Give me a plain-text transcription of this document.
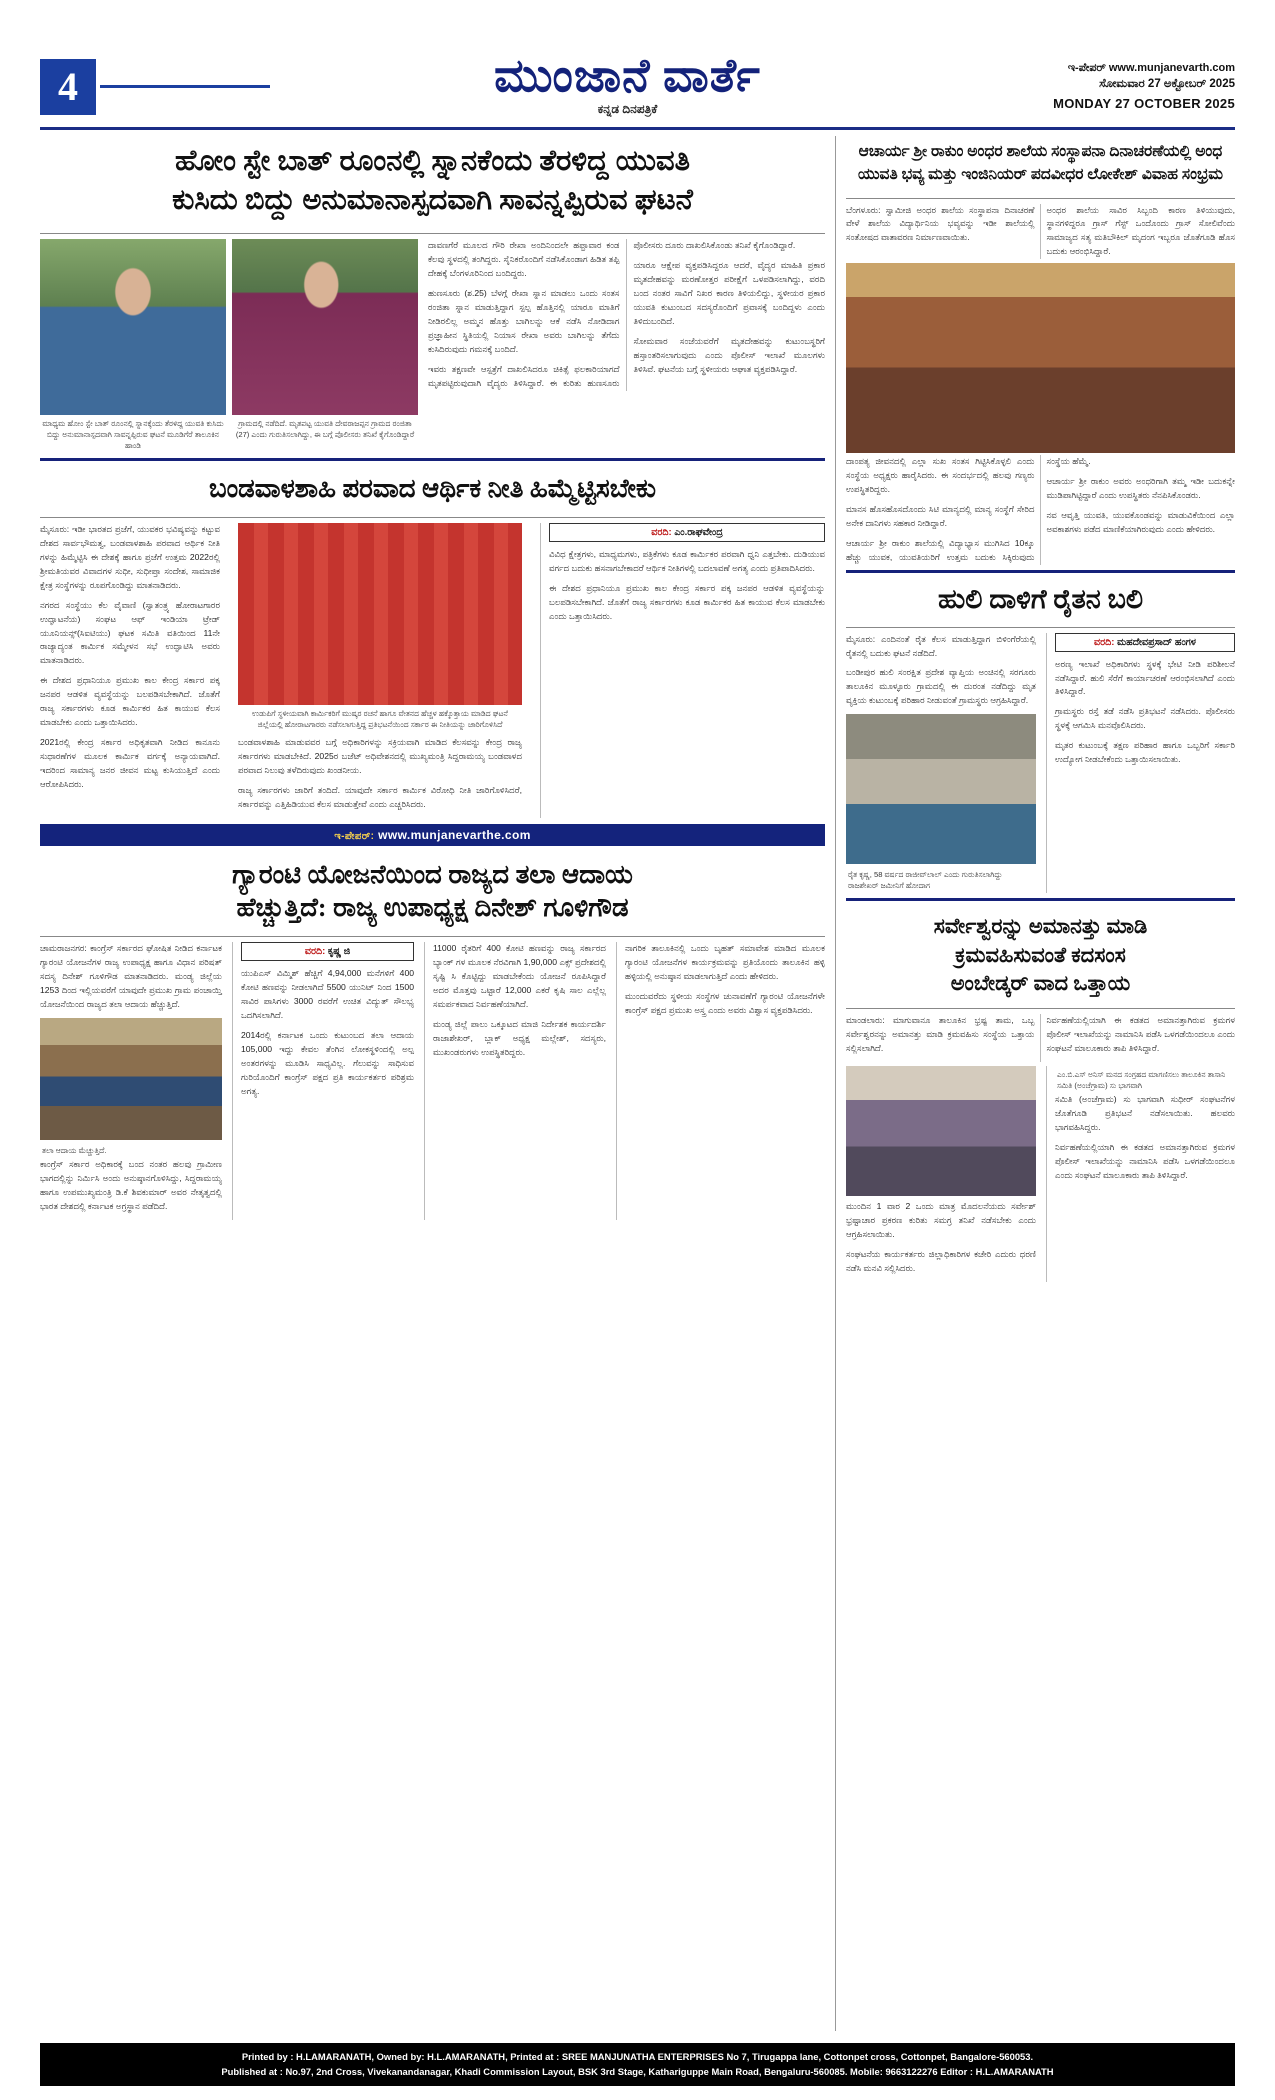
4	ಮುಂಜಾನೆ ವಾರ್ತೆ
ಕನ್ನಡ ದಿನಪತ್ರಿಕೆ
ಇ-ಪೇಪರ್ www.munjanevarth.com
ಸೋಮವಾರ 27 ಅಕ್ಟೋಬರ್ 2025
MONDAY 27 OCTOBER 2025
ಹೋಂ ಸ್ಟೇ ಬಾತ್ ರೂಂನಲ್ಲಿ ಸ್ನಾನಕೆಂದು ತೆರಳಿದ್ದ ಯುವತಿ
ಕುಸಿದು ಬಿದ್ದು ಅನುಮಾನಾಸ್ಪದವಾಗಿ ಸಾವನ್ನಪ್ಪಿರುವ ಘಟನೆ
ಮಾಧ್ಯಮ ಹೋಂ ಸ್ಟೇ ಬಾತ್ ರೂಂನಲ್ಲಿ ಸ್ನಾನಕ್ಕೆಂದು ತೆರಳಿದ್ದ ಯುವತಿ ಕುಸಿದು ಬಿದ್ದು ಅನುಮಾನಾಸ್ಪದವಾಗಿ ಸಾವನ್ನಪ್ಪಿರುವ ಘಟನೆ ಮೂಡಿಗೆರೆ ತಾಲೂಕಿನ ಹಾಂಡಿ
ಗ್ರಾಮದಲ್ಲಿ ನಡೆದಿದೆ. ಮೃತಪಟ್ಟ ಯುವತಿ ದೇವರಾಜಪ್ಪನ ಗ್ರಾಮದ ರಂಜಿತಾ (27) ಎಂದು ಗುರುತಿಸಲಾಗಿದ್ದು, ಈ ಬಗ್ಗೆ ಪೊಲೀಸರು ತನಿಖೆ ಕೈಗೊಂಡಿದ್ದಾರೆ

ದಾವಣಗೆರೆ ಮೂಲದ ಗೌರಿ ರೇಖಾ ಅಂದಿನಿಂದಲೇ ಹಫ್ತಾವಾರ ಕಂಡ ಕೆಲವು ಸ್ಥಳದಲ್ಲಿ ತಂಗಿದ್ದರು. ಸೈನಿಕರೊಂದಿಗೆ ನಡೆಸಿಕೊಂಡಾಗ ಹಿಡಿತ ತಪ್ಪಿ ದೇಹಕ್ಕೆ ಬೆಂಗಳೂರಿನಿಂದ ಬಂದಿದ್ದರು.

ಹುಣಸೂರು (ಶ.25) ಬೆಳಗ್ಗೆ ರೇಖಾ ಸ್ನಾನ ಮಾಡಲು ಒಂದು ಸಂತಸ ರಂಜಿತಾ ಸ್ನಾನ ಮಾಡುತ್ತಿದ್ದಾಗ ಸ್ಪಲ್ಪ ಹೊತ್ತಿನಲ್ಲಿ ಯಾರೂ ಮಾತಿಗೆ ನೀಡಿರಲಿಲ್ಲ ಅಮ್ಮನ ಹೊತ್ತು ಬಾಗಿಲನ್ನು ಆಕೆ ನಡೆಸಿ ನೋಡಿದಾಗ ಪ್ರಜ್ಞಾಹೀನ ಸ್ಥಿತಿಯಲ್ಲಿ ನಿಯಾಸ ರೇಖಾ ಅವರು ಬಾಗಿಲನ್ನು ತೆಗೆದು ಕುಸಿದಿರುವುದು ಗಮನಕ್ಕೆ ಬಂದಿದೆ.

ಇವರು ತಕ್ಷಣವೇ ಆಸ್ಪತ್ರೆಗೆ ದಾಖಲಿಸಿದರೂ ಚಿಕಿತ್ಸೆ ಫಲಕಾರಿಯಾಗದೆ ಮೃತಪಟ್ಟಿರುವುದಾಗಿ ವೈದ್ಯರು ತಿಳಿಸಿದ್ದಾರೆ. ಈ ಕುರಿತು ಹುಣಸೂರು ಪೊಲೀಸರು ದೂರು ದಾಖಲಿಸಿಕೊಂಡು ತನಿಖೆ ಕೈಗೊಂಡಿದ್ದಾರೆ.

ಯಾರೂ ಆಕ್ಷೇಪ ವ್ಯಕ್ತಪಡಿಸಿದ್ದರೂ ಆದರೆ, ವೈದ್ಯರ ಮಾಹಿತಿ ಪ್ರಕಾರ ಮೃತದೇಹವನ್ನು ಮರಣೋತ್ತರ ಪರೀಕ್ಷೆಗೆ ಒಳಪಡಿಸಲಾಗಿದ್ದು, ವರದಿ ಬಂದ ನಂತರ ಸಾವಿಗೆ ನಿಖರ ಕಾರಣ ತಿಳಿಯಲಿದ್ದು, ಸ್ಥಳೀಯರ ಪ್ರಕಾರ ಯುವತಿ ಕುಟುಂಬದ ಸದಸ್ಯರೊಂದಿಗೆ ಪ್ರವಾಸಕ್ಕೆ ಬಂದಿದ್ದಳು ಎಂದು ತಿಳಿದುಬಂದಿದೆ.

ಸೋಮವಾರ ಸಂಜೆಯವರೆಗೆ ಮೃತದೇಹವನ್ನು ಕುಟುಂಬಸ್ಥರಿಗೆ ಹಸ್ತಾಂತರಿಸಲಾಗುವುದು ಎಂದು ಪೊಲೀಸ್ ಇಲಾಖೆ ಮೂಲಗಳು ತಿಳಿಸಿವೆ. ಘಟನೆಯ ಬಗ್ಗೆ ಸ್ಥಳೀಯರು ಆಘಾತ ವ್ಯಕ್ತಪಡಿಸಿದ್ದಾರೆ.

ಬಂಡವಾಳಶಾಹಿ ಪರವಾದ ಆರ್ಥಿಕ ನೀತಿ ಹಿಮ್ಮೆಟ್ಟಿಸಬೇಕು

ಮೈಸೂರು: ಇಡೀ ಭಾರತದ ಪ್ರಜೆಗೆ, ಯುವಕರ ಭವಿಷ್ಯವನ್ನು ಕಟ್ಟುವ ದೇಶದ ಸಾರ್ವಭೌಮತ್ವ, ಬಂಡವಾಳಶಾಹಿ ಪರವಾದ ಆರ್ಥಿಕ ನೀತಿ ಗಳನ್ನು ಹಿಮ್ಮೆಟ್ಟಿಸಿ ಈ ದೇಶಕ್ಕೆ ಹಾಗೂ ಪ್ರಜೆಗೆ ಉತ್ತಮ 2022ರಲ್ಲಿ ಶ್ರೀಮತಿಯವರ ವಿವಾದಗಳ ಸುಧೀ, ಸುಧೀಪ್ತಾ ಸಂದೇಶ, ಸಾಮಾಜಿಕ ಕ್ಷೇತ್ರ ಸಂಸ್ಥೆಗಳನ್ನು ರೂಪಗೊಂಡಿದ್ದು ಮಾತನಾಡಿದರು.

ನಗರದ ಸಂಸ್ಥೆಯು ಕೆಲ ವೈವಾಣಿ (ಸ್ವಾತಂತ್ರ್ಯ ಹೋರಾಟಗಾರರ ಉದ್ಘಾಟನೆಯ) ಸಂಘಟ ಆಫ್ ಇಂಡಿಯಾ ಟ್ರೇಡ್ ಯೂನಿಯನ್ಸ್(ಸಿಐಟಿಯು) ಘಟಕ ಸಮಿತಿ ವತಿಯಿಂದ 11ನೇ ರಾಜ್ಯಾದ್ಯಂತ ಕಾರ್ಮಿಕ ಸಮ್ಮೇಳನ ಸಭೆ ಉದ್ಘಾಟಿಸಿ ಅವರು ಮಾತನಾಡಿದರು.

ಈ ದೇಶದ ಪ್ರಧಾನಿಯೂ ಪ್ರಮುಖ ಕಾಲ ಕೇಂದ್ರ ಸರ್ಕಾರ ಪಕ್ಕ ಜನಪರ ಆಡಳಿತ ವ್ಯವಸ್ಥೆಯನ್ನು ಬಲಪಡಿಸಬೇಕಾಗಿದೆ. ಜೊತೆಗೆ ರಾಜ್ಯ ಸರ್ಕಾರಗಳು ಕೂಡ ಕಾರ್ಮಿಕರ ಹಿತ ಕಾಯುವ ಕೆಲಸ ಮಾಡಬೇಕು ಎಂದು ಒತ್ತಾಯಿಸಿದರು.

2021ರಲ್ಲಿ ಕೇಂದ್ರ ಸರ್ಕಾರ ಅಧಿಕೃತವಾಗಿ ನೀಡಿದ ಕಾನೂನು ಸುಧಾರಣೆಗಳ ಮೂಲಕ ಕಾರ್ಮಿಕ ವರ್ಗಕ್ಕೆ ಅನ್ಯಾಯವಾಗಿದೆ. ಇದರಿಂದ ಸಾಮಾನ್ಯ ಜನರ ಜೀವನ ಮಟ್ಟ ಕುಸಿಯುತ್ತಿದೆ ಎಂದು ಆರೋಪಿಸಿದರು.

ಉಡುಪಿಗೆ ಸ್ಥಳೀಯವಾಗಿ ಕಾರ್ಮಿಕರಿಗೆ ಮುಷ್ಕರ ರಚನೆ ಹಾಗೂ ವೇತನದ ಹೆಚ್ಚಳ ಹಕ್ಕೊತ್ತಾಯ ಮಾಡಿದ ಘಟನೆ ಜಿಲ್ಲೆಯಲ್ಲಿ ಹೋರಾಟಗಾರರು ನಡೆಸಲಾಗುತ್ತಿದ್ದ ಪ್ರತಿಭಟನೆಯಿಂದ ಸರ್ಕಾರ ಈ ನೀತಿಯನ್ನು ಜಾರಿಗೊಳಿಸಿದೆ

ಬಂಡವಾಳಶಾಹಿ ಮಾಡುವವರ ಬಗ್ಗೆ ಅಧಿಕಾರಿಗಳನ್ನು ಸಕ್ರಿಯವಾಗಿ ಮಾಡಿದ ಕೆಲಸವನ್ನು ಕೇಂದ್ರ ರಾಜ್ಯ ಸರ್ಕಾರಗಳು ಮಾಡಬೇಕಿದೆ. 2025ರ ಬಜೆಟ್ ಅಧಿವೇಶನದಲ್ಲಿ ಮುಖ್ಯಮಂತ್ರಿ ಸಿದ್ದರಾಮಯ್ಯ ಬಂಡವಾಳದ ಪರವಾದ ನಿಲುವು ತಳೆದಿರುವುದು ಖಂಡನೀಯ.

ರಾಜ್ಯ ಸರ್ಕಾರಗಳು ಜಾರಿಗೆ ತಂದಿದೆ. ಯಾವುದೇ ಸರ್ಕಾರ ಕಾರ್ಮಿಕ ವಿರೋಧಿ ನೀತಿ ಜಾರಿಗೊಳಿಸಿದರೆ, ಸರ್ಕಾರವನ್ನು ಎತ್ತಿಹಿಡಿಯುವ ಕೆಲಸ ಮಾಡುತ್ತೇವೆ ಎಂದು ಎಚ್ಚರಿಸಿದರು.

ವರದಿ: ಎಂ.ರಾಘವೇಂದ್ರ

ವಿವಿಧ ಕ್ಷೇತ್ರಗಳು, ಮಾಧ್ಯಮಗಳು, ಪತ್ರಿಕೆಗಳು ಕೂಡ ಕಾರ್ಮಿಕರ ಪರವಾಗಿ ಧ್ವನಿ ಎತ್ತಬೇಕು. ದುಡಿಯುವ ವರ್ಗದ ಬದುಕು ಹಸನಾಗಬೇಕಾದರೆ ಆರ್ಥಿಕ ನೀತಿಗಳಲ್ಲಿ ಬದಲಾವಣೆ ಅಗತ್ಯ ಎಂದು ಪ್ರತಿಪಾದಿಸಿದರು.

ಈ ದೇಶದ ಪ್ರಧಾನಿಯೂ ಪ್ರಮುಖ ಕಾಲ ಕೇಂದ್ರ ಸರ್ಕಾರ ಪಕ್ಕ ಜನಪರ ಆಡಳಿತ ವ್ಯವಸ್ಥೆಯನ್ನು ಬಲಪಡಿಸಬೇಕಾಗಿದೆ. ಜೊತೆಗೆ ರಾಜ್ಯ ಸರ್ಕಾರಗಳು ಕೂಡ ಕಾರ್ಮಿಕರ ಹಿತ ಕಾಯುವ ಕೆಲಸ ಮಾಡಬೇಕು ಎಂದು ಒತ್ತಾಯಿಸಿದರು.

ಇ-ಪೇಪರ್: www.munjanevarthe.com
ಗ್ಯಾರಂಟಿ ಯೋಜನೆಯಿಂದ ರಾಜ್ಯದ ತಲಾ ಆದಾಯ
ಹೆಚ್ಚುತ್ತಿದೆ: ರಾಜ್ಯ ಉಪಾಧ್ಯಕ್ಷ ದಿನೇಶ್ ಗೂಳಿಗೌಡ

ಚಾಮರಾಜನಗರ: ಕಾಂಗ್ರೆಸ್ ಸರ್ಕಾರದ ಘೋಷಿತ ನೀಡಿದ ಕರ್ನಾಟಕ ಗ್ಯಾರಂಟಿ ಯೋಜನೆಗಳ ರಾಜ್ಯ ಉಪಾಧ್ಯಕ್ಷ ಹಾಗೂ ವಿಧಾನ ಪರಿಷತ್ ಸದಸ್ಯ ದಿನೇಶ್ ಗೂಳಿಗೌಡ ಮಾತನಾಡಿದರು. ಮಂಡ್ಯ ಜಿಲ್ಲೆಯ 1253 ದಿಂದ ಇಲ್ಲಿಯವರೆಗೆ ಯಾವುದೇ ಪ್ರಮುಖ ಗ್ರಾಮ ಪಂಚಾಯ್ತಿ ಯೋಜನೆಯಿಂದ ರಾಜ್ಯದ ತಲಾ ಆದಾಯ ಹೆಚ್ಚುತ್ತಿದೆ.

ತಲಾ ಆದಾಯ ಮೆಚ್ಚುತ್ತಿದೆ.

ಕಾಂಗ್ರೆಸ್ ಸರ್ಕಾರ ಅಧಿಕಾರಕ್ಕೆ ಬಂದ ನಂತರ ಹಲವು ಗ್ರಾಮೀಣ ಭಾಗದಲ್ಲಿನ್ನು ನಿರ್ಮಿಸಿ ಅಂದು ಅನುಷ್ಠಾನಗೊಳಿಸಿದ್ದು, ಸಿದ್ದರಾಮಯ್ಯ ಹಾಗೂ ಉಪಮುಖ್ಯಮಂತ್ರಿ ಡಿ.ಕೆ ಶಿವಕುಮಾರ್ ಅವರ ನೇತೃತ್ವದಲ್ಲಿ ಭಾರತ ದೇಶದಲ್ಲಿ ಕರ್ನಾಟಕ ಅಗ್ರಸ್ಥಾನ ಪಡೆದಿದೆ.

ವರದಿ: ಕೃಷ್ಣ ಜಿ

ಯುಪಿಎಸ್ ವಿಮ್ಮಿಶ್ ಹೆಚ್ಚಿಗೆ 4,94,000 ಮನೆಗಳಿಗೆ 400 ಕೋಟಿ ಹಣವನ್ನು ನೀಡಲಾಗಿದೆ 5500 ಯುನಿಟ್ ನಿಂದ 1500 ಸಾವಿರ ಪಾಸಿಗಳು 3000 ರವರೆಗೆ ಉಚಿತ ವಿದ್ಯುತ್ ಸೌಲಭ್ಯ ಒದಗಿಸಲಾಗಿದೆ.

2014ರಲ್ಲಿ ಕರ್ನಾಟಕ ಒಂದು ಕುಟುಂಬದ ತಲಾ ಆದಾಯ 105,000 ಇದ್ದು ಕೇವಲ ತೆಂಗಿನ ಲೋಕಸ್ಥಳಿಂದಲ್ಲಿ ಅಲ್ಪ ಅಂತರಗಳನ್ನು ಮೂಡಿಸಿ ಸಾಧ್ಯವಿಲ್ಲ. ಗೆಲುವನ್ನು ಸಾಧಿಸುವ ಗುರಿಯೊಂದಿಗೆ ಕಾಂಗ್ರೆಸ್ ಪಕ್ಷದ ಪ್ರತಿ ಕಾರ್ಯಕರ್ತರ ಪರಿಶ್ರಮ ಅಗತ್ಯ.

11000 ರೈತರಿಗೆ 400 ಕೋಟಿ ಹಣವನ್ನು ರಾಜ್ಯ ಸರ್ಕಾರದ ಬ್ಯಾಂಕ್ ಗಳ ಮೂಲಕ ನೆರವಿಗಾಗಿ 1,90,000 ಎಕ್ಸ್ ಪ್ರದೇಶದಲ್ಲಿ ಸೃಷ್ಟಿ ಸಿ ಕೊಟ್ಟಿದ್ದು ಮಾಡಬೇಕೆಂದು ಯೋಜನೆ ರೂಪಿಸಿದ್ದಾರೆ ಅದರ ಮೊತ್ತವು ಒಟ್ಟಾರೆ 12,000 ಎಕರೆ ಕೃಷಿ ಸಾಲ ಎಲ್ಲೆಲ್ಲ ಸಮರ್ಪಕವಾದ ನಿರ್ವಹಣೆಯಾಗಿದೆ.

ಮಂಡ್ಯ ಜಿಲ್ಲೆ ಪಾಲು ಒಕ್ಕೂಟದ ಮಾಜಿ ನಿರ್ದೇಶಕ ಕಾರ್ಯದರ್ಶಿ ರಾಜಾಶೇಖರ್, ಬ್ಲಾಕ್ ಅಧ್ಯಕ್ಷ ಮಲ್ಲೇಶ್, ಸದಸ್ಯರು, ಮುಖಂಡರುಗಳು ಉಪಸ್ಥಿತರಿದ್ದರು.

ನಾಗರಿಕ ತಾಲೂಕಿನಲ್ಲಿ ಒಂದು ಬೃಹತ್ ಸಮಾವೇಶ ಮಾಡಿದ ಮೂಲಕ ಗ್ಯಾರಂಟಿ ಯೋಜನೆಗಳ ಕಾರ್ಯಕ್ರಮವನ್ನು ಪ್ರತಿಯೊಂದು ತಾಲೂಕಿನ ಹಳ್ಳಿ ಹಳ್ಳಿಯಲ್ಲಿ ಅನುಷ್ಠಾನ ಮಾಡಲಾಗುತ್ತಿದೆ ಎಂದು ಹೇಳಿದರು.

ಮುಂದುವರೆದು ಸ್ಥಳೀಯ ಸಂಸ್ಥೆಗಳ ಚುನಾವಣೆಗೆ ಗ್ಯಾರಂಟಿ ಯೋಜನೆಗಳೇ ಕಾಂಗ್ರೆಸ್ ಪಕ್ಷದ ಪ್ರಮುಖ ಅಸ್ತ್ರ ಎಂದು ಅವರು ವಿಶ್ವಾಸ ವ್ಯಕ್ತಪಡಿಸಿದರು.

ಆಚಾರ್ಯ ಶ್ರೀ ರಾಕುಂ ಅಂಧರ ಶಾಲೆಯ ಸಂಸ್ಥಾಪನಾ ದಿನಾಚರಣೆಯಲ್ಲಿ ಅಂಧ ಯುವತಿ ಭವ್ಯ ಮತ್ತು ಇಂಜಿನಿಯರ್ ಪದವೀಧರ ಲೋಕೇಶ್ ವಿವಾಹ ಸಂಭ್ರಮ

ಬೆಂಗಳೂರು: ಸ್ವಾಮೀಜಿ ಅಂಧರ ಶಾಲೆಯ ಸಂಸ್ಥಾಪನಾ ದಿನಾಚರಣೆ ವೇಳೆ ಶಾಲೆಯ ವಿದ್ಯಾರ್ಥಿನಿಯ ಭವ್ಯವನ್ನು ಇಡೀ ಶಾಲೆಯಲ್ಲಿ ಸಂತೋಷದ ವಾತಾವರಣ ನಿರ್ಮಾಣವಾಯಿತು.

ಅಂಧರ ಶಾಲೆಯ ಸಾವಿರ ಸಿಬ್ಬಂದಿ ಕಾರಣ ತಿಳಿಯುವುದು, ಸ್ಥಾನಗಳಿದ್ದರೂ ಗ್ರಾಸ್ ಗೆಸ್ಟ್ ಒಂದೊಂದು ಗ್ರಾಸ್ ಸೋಲಿವೆಂದು ಸಾಮಾಜ್ಯದ ಸತ್ಯ ಮತಿಬೌಕಿಲ್ ಮೃದಂಗ ಇಬ್ಬರೂ ಜೊತೆಗೂಡಿ ಹೊಸ ಬದುಕು ಆರಂಭಿಸಿದ್ದಾರೆ.

ದಾಂಪತ್ಯ ಜೀವನದಲ್ಲಿ ಎಲ್ಲಾ ಸುಖ ಸಂತಸ ಗಿಟ್ಟಿಸಿಕೊಳ್ಳಲಿ ಎಂದು ಸಂಸ್ಥೆಯ ಅಧ್ಯಕ್ಷರು ಹಾರೈಸಿದರು. ಈ ಸಂದರ್ಭದಲ್ಲಿ ಹಲವು ಗಣ್ಯರು ಉಪಸ್ಥಿತರಿದ್ದರು.

ಮಾನಸ ಹೊಸಹೊಸದೊಂದು ಸಿಟಿ ಮಾನ್ಯದಲ್ಲಿ ಮಾನ್ಯ ಸಂಸ್ಥೆಗೆ ಸೇರಿದ ಅನೇಕ ದಾನಿಗಳು ಸಹಕಾರ ನೀಡಿದ್ದಾರೆ.

ಆಚಾರ್ಯ ಶ್ರೀ ರಾಕುಂ ಶಾಲೆಯಲ್ಲಿ ವಿದ್ಯಾಭ್ಯಾಸ ಮುಗಿಸಿದ 10ಕ್ಕೂ ಹೆಚ್ಚು ಯುವಕ, ಯುವತಿಯರಿಗೆ ಉತ್ತಮ ಬದುಕು ಸಿಕ್ಕಿರುವುದು ಸಂಸ್ಥೆಯ ಹೆಮ್ಮೆ.

ಆಚಾರ್ಯ ಶ್ರೀ ರಾಕುಂ ಅವರು ಅಂಧರಿಗಾಗಿ ತಮ್ಮ ಇಡೀ ಬದುಕನ್ನೇ ಮುಡಿಪಾಗಿಟ್ಟಿದ್ದಾರೆ ಎಂದು ಉಪಸ್ಥಿತರು ನೆನಪಿಸಿಕೊಂಡರು.

ನವ ಆವೃತ್ತಿ ಯುವತಿ, ಯುವಕೊಂಡವನ್ನು ಮಾಡುವಿಕೆಯಿಂದ ಎಲ್ಲಾ ಅವಕಾಶಗಳು ಪಡೆದ ಮಾಣಿಕೆಯಾಗಿರುವುದು ಎಂದು ಹೇಳಿದರು.

ಹುಲಿ ದಾಳಿಗೆ ರೈತನ ಬಲಿ

ಮೈಸೂರು: ಎಂದಿನಂತೆ ರೈತ ಕೆಲಸ ಮಾಡುತ್ತಿದ್ದಾಗ ಬಿಳಿಂಗೆರೆಯಲ್ಲಿ ರೈತನಲ್ಲಿ ಬದುಕು ಘಟನೆ ನಡೆದಿದೆ.

ಬಂಡೀಪುರ ಹುಲಿ ಸಂರಕ್ಷಿತ ಪ್ರದೇಶ ವ್ಯಾಪ್ತಿಯ ಅಂಚಿನಲ್ಲಿ ಸರಗೂರು ತಾಲೂಕಿನ ಮೂಳ್ಳೂರು ಗ್ರಾಮದಲ್ಲಿ ಈ ದುರಂತ ನಡೆದಿದ್ದು ಮೃತ ವ್ಯಕ್ತಿಯ ಕುಟುಂಬಕ್ಕೆ ಪರಿಹಾರ ನೀಡುವಂತೆ ಗ್ರಾಮಸ್ಥರು ಆಗ್ರಹಿಸಿದ್ದಾರೆ.

ರೈತ ಕೃಷ್ಣ, 58 ವರ್ಷದ ರಾಜೀವ್‌ಲಾಲ್ ಎಂದು ಗುರುತಿಸಲಾಗಿದ್ದು ರಾಜಶೇಖರ್ ಜಮೀನಿಗೆ ಹೋದಾಗ
ವರದಿ: ಮಹದೇವಪ್ರಸಾದ್ ಹಂಗಳ

ಅರಣ್ಯ ಇಲಾಖೆ ಅಧಿಕಾರಿಗಳು ಸ್ಥಳಕ್ಕೆ ಭೇಟಿ ನೀಡಿ ಪರಿಶೀಲನೆ ನಡೆಸಿದ್ದಾರೆ. ಹುಲಿ ಸೆರೆಗೆ ಕಾರ್ಯಾಚರಣೆ ಆರಂಭಿಸಲಾಗಿದೆ ಎಂದು ತಿಳಿಸಿದ್ದಾರೆ.

ಗ್ರಾಮಸ್ಥರು ರಸ್ತೆ ತಡೆ ನಡೆಸಿ ಪ್ರತಿಭಟನೆ ನಡೆಸಿದರು. ಪೊಲೀಸರು ಸ್ಥಳಕ್ಕೆ ಆಗಮಿಸಿ ಮನವೊಲಿಸಿದರು.

ಮೃತರ ಕುಟುಂಬಕ್ಕೆ ತಕ್ಷಣ ಪರಿಹಾರ ಹಾಗೂ ಒಬ್ಬರಿಗೆ ಸರ್ಕಾರಿ ಉದ್ಯೋಗ ನೀಡಬೇಕೆಂದು ಒತ್ತಾಯಿಸಲಾಯಿತು.

ಸರ್ವೇಶ್ವರನ್ನು ಅಮಾನತ್ತು ಮಾಡಿ
ಕ್ರಮವಹಿಸುವಂತೆ ಕದಸಂಸ
ಅಂಬೇಡ್ಕರ್ ವಾದ ಒತ್ತಾಯ

ಮಾಂಡಲಾರು: ಮಾಗುವಾನೂ ತಾಲೂಕಿನ ಭ್ರಷ್ಟ ತಾಮ, ಒಬ್ಬ ಸರ್ವೇಶ್ವರನನ್ನು ಅಮಾನತ್ತು ಮಾಡಿ ಕ್ರಮವಹಿಸು ಸಂಸ್ಥೆಯ ಒತ್ತಾಯ ಸಲ್ಲಿಸಲಾಗಿದೆ.

ನಿರ್ವಹಣೆಯಲ್ಲಿಯಾಗಿ ಈ ಕಡತದ ಅಮಾನತ್ತಾಗಿರುವ ಕ್ರಮಗಳ ಪೊಲೀಸ್ ಇಲಾಖೆಯನ್ನು ನಾಮಾನಿಸಿ ಪಡೆಸಿ ಒಳಗಡೆಯಿಂದಲೂ ಎಂದು ಸಂಘಟನೆ ಮಾಲೂಕಾರು ತಾಪಿ ತಿಳಿಸಿದ್ದಾರೆ.

ಮುಂದಿನ 1 ವಾರ 2 ಒಂದು ಮಾತ್ರ ಮೊದಲನೆಯದು ಸರ್ವೇಶ್ ಭ್ರಷ್ಟಾಚಾರ ಪ್ರಕರಣ ಕುರಿತು ಸಮಗ್ರ ತನಿಖೆ ನಡೆಸಬೇಕು ಎಂದು ಆಗ್ರಹಿಸಲಾಯಿತು.

ಸಂಘಟನೆಯ ಕಾರ್ಯಕರ್ತರು ಜಿಲ್ಲಾಧಿಕಾರಿಗಳ ಕಚೇರಿ ಎದುರು ಧರಣಿ ನಡೆಸಿ ಮನವಿ ಸಲ್ಲಿಸಿದರು.

ಎಂ.ಬಿ.ಎಸ್ ಅನಿಸ್ ಮನದ ಸಂಗ್ರಹದ ಮಾಗಣಿಸಲು ತಾಲೂಕಿನ ತಾಸಾನಿ ಸಮಿತಿ (ಅಂಚೆಗ್ರಾಮ) ಸು ಭಾಗವಾಗಿ

ಸಮಿತಿ (ಅಂಚೆಗ್ರಾಮ) ಸು ಭಾಗವಾಗಿ ಸುಧೀರ್ ಸಂಘಟನೆಗಳ ಜೊತೆಗೂಡಿ ಪ್ರತಿಭಟನೆ ನಡೆಸಲಾಯಿತು. ಹಲವರು ಭಾಗವಹಿಸಿದ್ದರು.

ನಿರ್ವಹಣೆಯಲ್ಲಿಯಾಗಿ ಈ ಕಡತದ ಅಮಾನತ್ತಾಗಿರುವ ಕ್ರಮಗಳ ಪೊಲೀಸ್ ಇಲಾಖೆಯನ್ನು ನಾಮಾನಿಸಿ ಪಡೆಸಿ ಒಳಗಡೆಯಿಂದಲೂ ಎಂದು ಸಂಘಟನೆ ಮಾಲೂಕಾರು ತಾಪಿ ತಿಳಿಸಿದ್ದಾರೆ.

Printed by : H.LAMARANATH, Owned by: H.L.AMARANATH, Printed at : SREE MANJUNATHA ENTERPRISES No 7, Tirugappa lane, Cottonpet cross, Cottonpet, Bangalore-560053.
Published at : No.97, 2nd Cross, Vivekanandanagar, Khadi Commission Layout, BSK 3rd Stage, Kathariguppe Main Road, Bengaluru-560085. Mobile: 9663122276 Editor : H.L.AMARANATH
